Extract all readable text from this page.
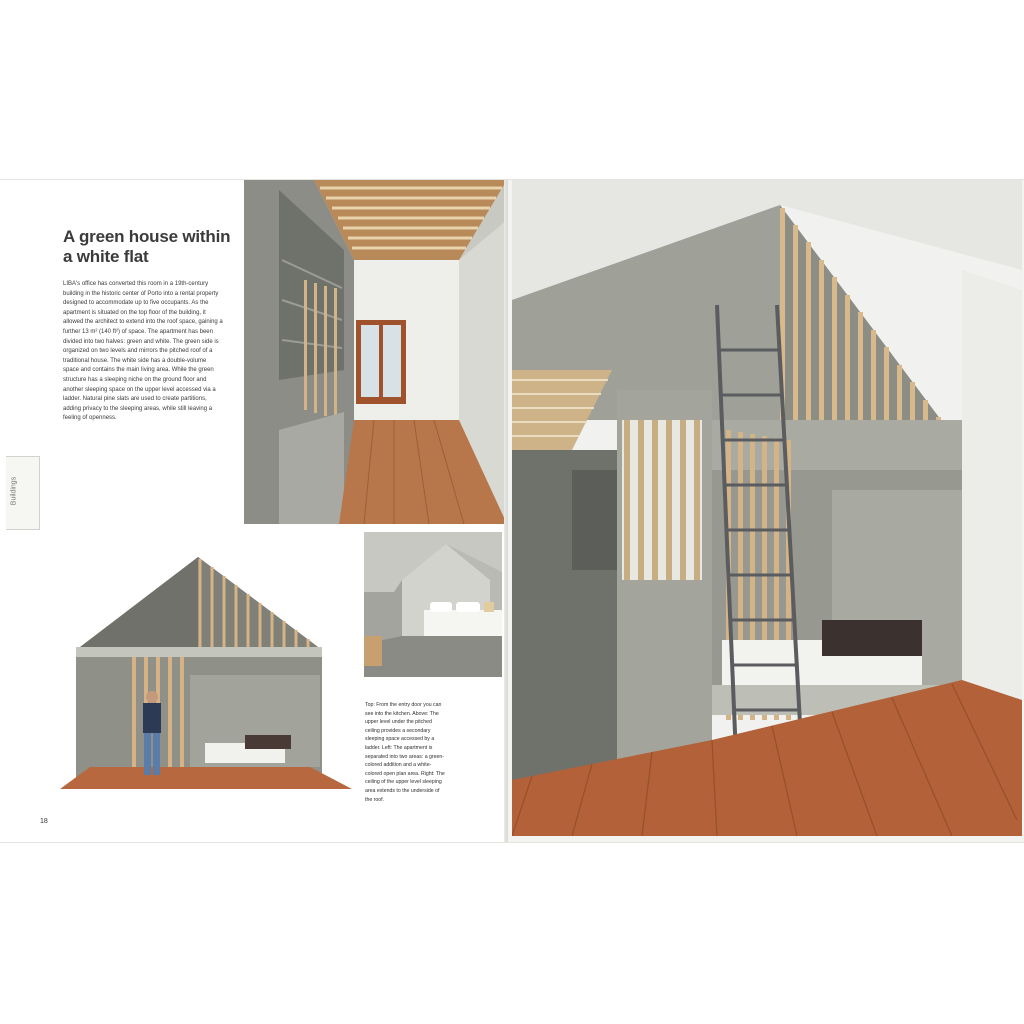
A green house within a white flat

LIBA's office has converted this room in a 19th-century building in the historic center of Porto into a rental property designed to accommodate up to five occupants. As the apartment is situated on the top floor of the building, it allowed the architect to extend into the roof space, gaining a further 13 m² (140 ft²) of space. The apartment has been divided into two halves: green and white. The green side is organized on two levels and mirrors the pitched roof of a traditional house. The white side has a double-volume space and contains the main living area. While the green structure has a sleeping niche on the ground floor and another sleeping space on the upper level accessed via a ladder. Natural pine slats are used to create partitions, adding privacy to the sleeping areas, while still leaving a feeling of openness.

Buildings

Top: From the entry door you can see into the kitchen. Above: The upper level under the pitched ceiling provides a secondary sleeping space accessed by a ladder. Left: The apartment is separated into two areas: a green-colored addition and a white-colored open plan area. Right: The ceiling of the upper level sleeping area extends to the underside of the roof.

18
